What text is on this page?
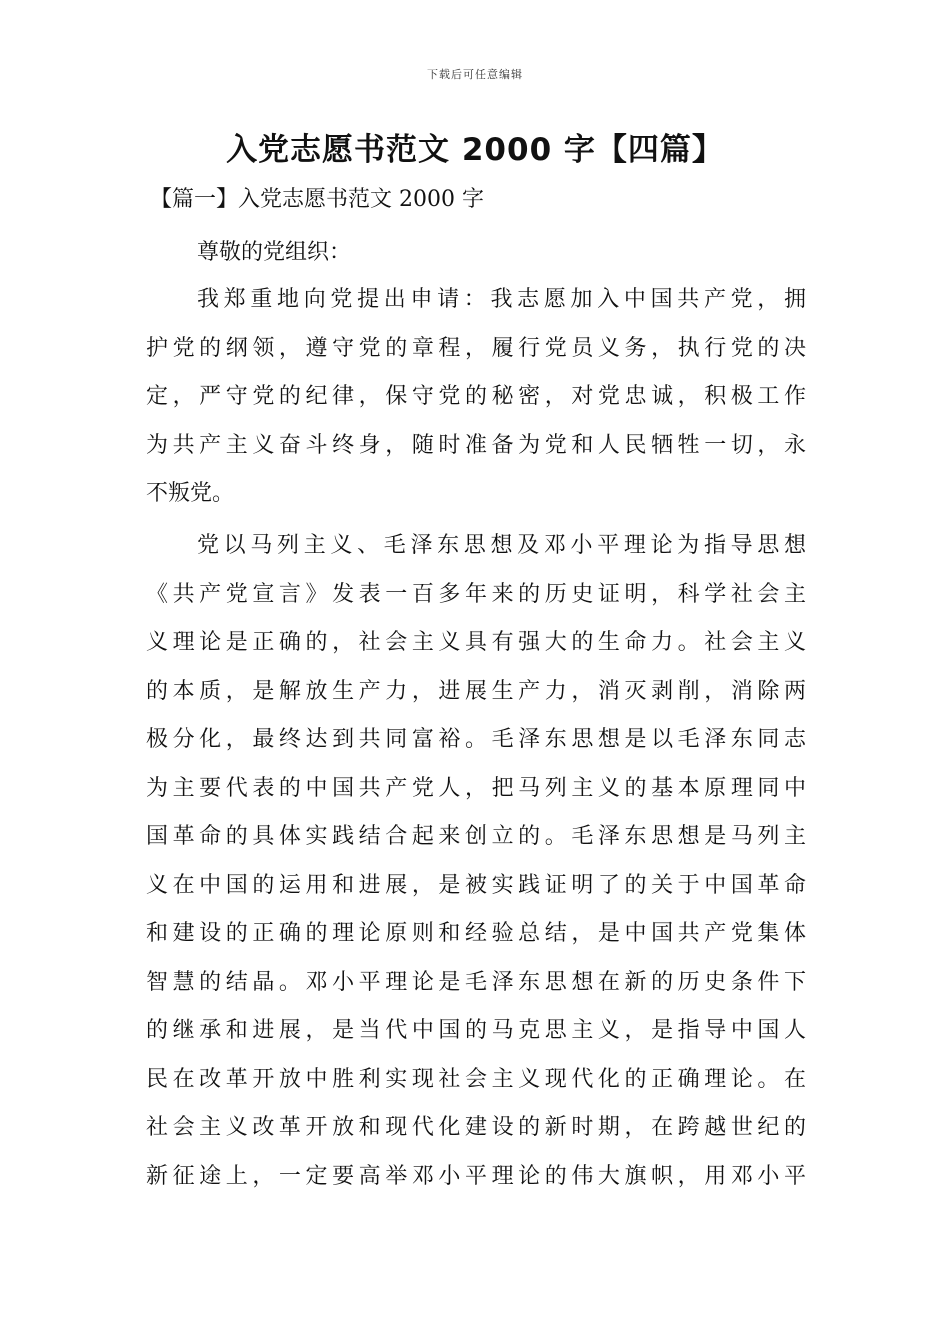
下载后可任意编辑
入党志愿书范文 2000 字【四篇】
【篇一】入党志愿书范文 2000 字
尊敬的党组织：
我郑重地向党提出申请：我志愿加入中国共产党，拥
护党的纲领，遵守党的章程，履行党员义务，执行党的决
定，严守党的纪律，保守党的秘密，对党忠诚，积极工作
为共产主义奋斗终身，随时准备为党和人民牺牲一切，永
不叛党。
党以马列主义、毛泽东思想及邓小平理论为指导思想
《共产党宣言》发表一百多年来的历史证明，科学社会主
义理论是正确的，社会主义具有强大的生命力。社会主义
的本质，是解放生产力，进展生产力，消灭剥削，消除两
极分化，最终达到共同富裕。毛泽东思想是以毛泽东同志
为主要代表的中国共产党人，把马列主义的基本原理同中
国革命的具体实践结合起来创立的。毛泽东思想是马列主
义在中国的运用和进展，是被实践证明了的关于中国革命
和建设的正确的理论原则和经验总结，是中国共产党集体
智慧的结晶。邓小平理论是毛泽东思想在新的历史条件下
的继承和进展，是当代中国的马克思主义，是指导中国人
民在改革开放中胜利实现社会主义现代化的正确理论。在
社会主义改革开放和现代化建设的新时期，在跨越世纪的
新征途上，一定要高举邓小平理论的伟大旗帜，用邓小平
